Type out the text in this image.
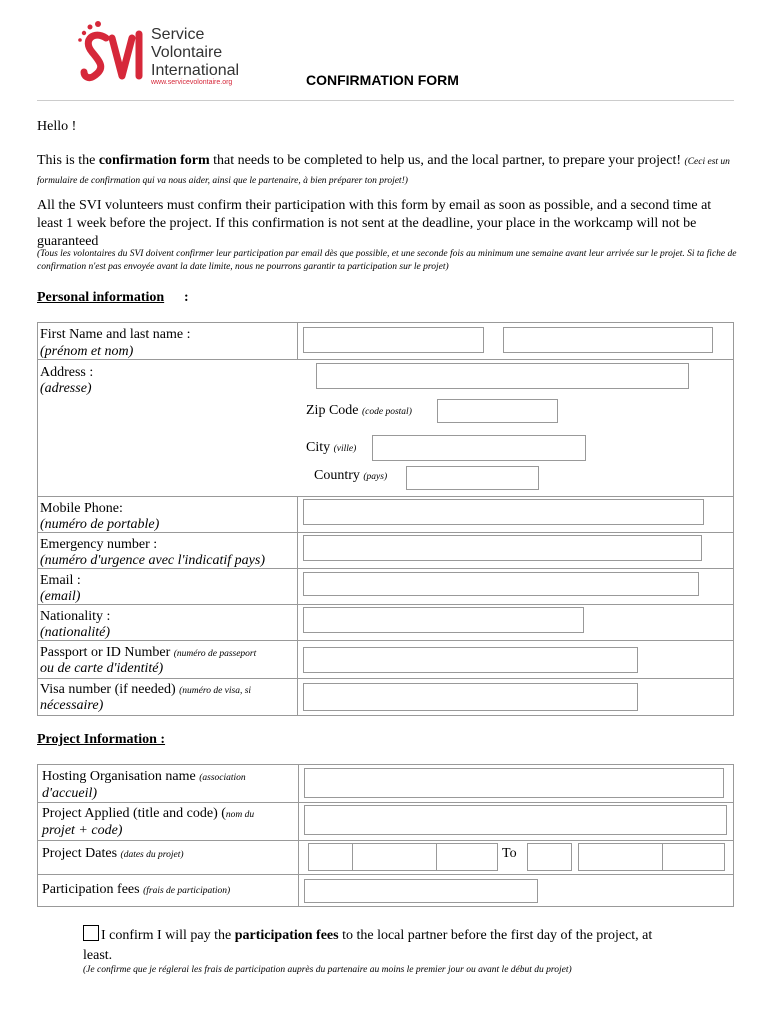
Service
Volontaire
International
www.servicevolontaire.org	CONFIRMATION FORM
Hello !
This is the confirmation form that needs to be completed to help us, and the local partner, to prepare your project! (Ceci est un formulaire de confirmation qui va nous aider, ainsi que le partenaire, à bien préparer ton projet!)
All the SVI volunteers must confirm their participation with this form by email as soon as possible, and a second time at least 1 week before the project. If this confirmation is not sent at the deadline, your place in the workcamp will not be guaranteed
(Tous les volontaires du SVI doivent confirmer leur participation par email dès que possible, et une seconde fois au minimum une semaine avant leur arrivée sur le projet. Si ta fiche de confirmation n'est pas envoyée avant la date limite, nous ne pourrons garantir ta participation sur le projet)
Personal information :
First Name and last name :
(prénom et nom)
Address :
(adresse)
Zip Code (code postal)
City (ville)
Country (pays)
Mobile Phone:
(numéro de portable)
Emergency number :
(numéro d'urgence avec l'indicatif pays)
Email :
(email)
Nationality :
(nationalité)
Passport or ID Number (numéro de passeport
ou de carte d'identité)
Visa number (if needed) (numéro de visa, si
nécessaire)
Project Information :
Hosting Organisation name (association
d'accueil)
Project Applied (title and code) (nom du
projet + code)
Project Dates (dates du projet)	To
Participation fees (frais de participation)
I confirm I will pay the participation fees to the local partner before the first day of the project, at least.
(Je confirme que je réglerai les frais de participation auprès du partenaire au moins le premier jour ou avant le début du projet)
